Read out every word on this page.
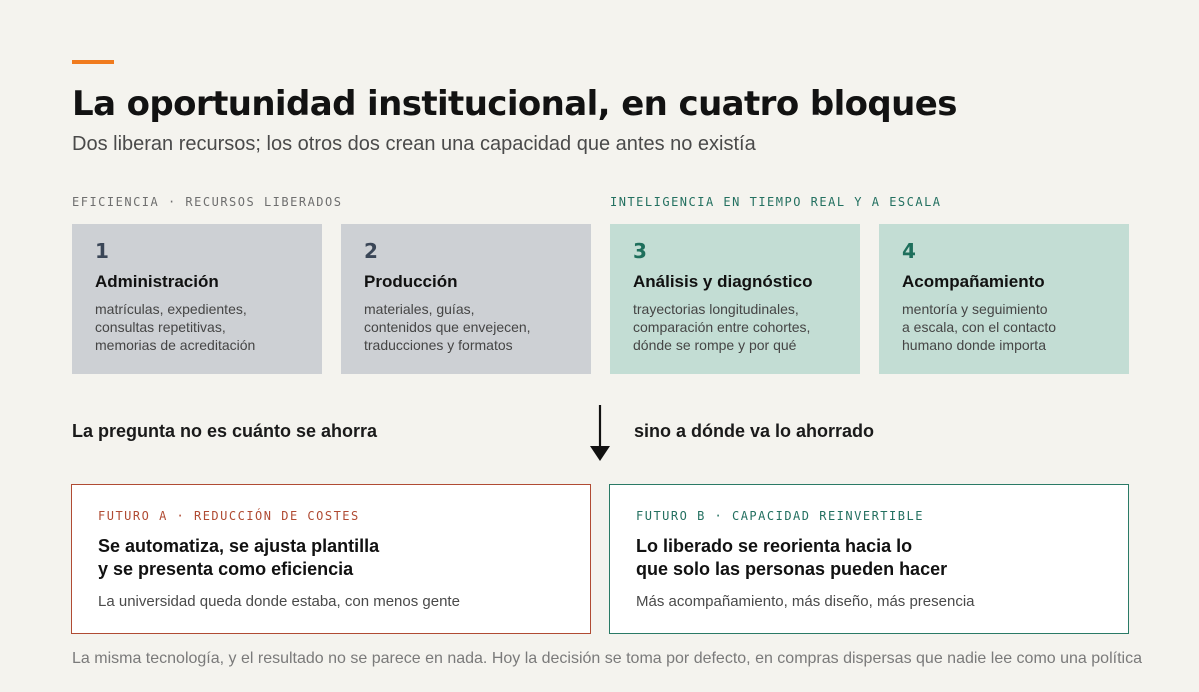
La oportunidad institucional, en cuatro bloques
Dos liberan recursos; los otros dos crean una capacidad que antes no existía
EFICIENCIA · RECURSOS LIBERADOS	INTELIGENCIA EN TIEMPO REAL Y A ESCALA
1
Administración
matrículas, expedientes,
consultas repetitivas,
memorias de acreditación
2
Producción
materiales, guías,
contenidos que envejecen,
traducciones y formatos
3
Análisis y diagnóstico
trayectorias longitudinales,
comparación entre cohortes,
dónde se rompe y por qué
4
Acompañamiento
mentoría y seguimiento
a escala, con el contacto
humano donde importa
La pregunta no es cuánto se ahorra	sino a dónde va lo ahorrado
FUTURO A · REDUCCIÓN DE COSTES
Se automatiza, se ajusta plantilla
y se presenta como eficiencia
La universidad queda donde estaba, con menos gente
FUTURO B · CAPACIDAD REINVERTIBLE
Lo liberado se reorienta hacia lo
que solo las personas pueden hacer
Más acompañamiento, más diseño, más presencia
La misma tecnología, y el resultado no se parece en nada. Hoy la decisión se toma por defecto, en compras dispersas que nadie lee como una política
